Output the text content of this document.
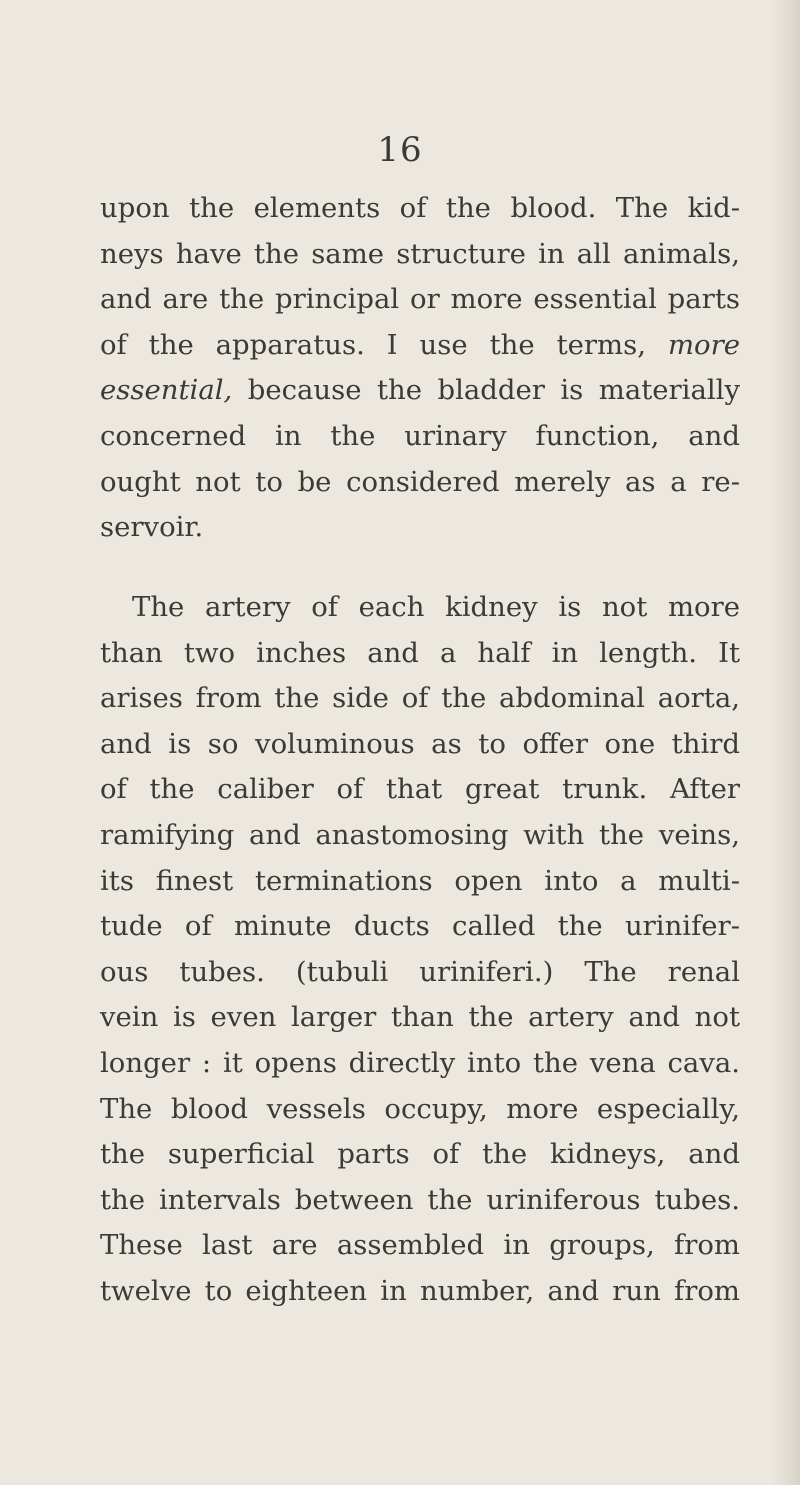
16
upon the elements of the blood. The kid-
neys have the same structure in all animals,
and are the principal or more essential parts
of the apparatus. I use the terms, more
essential, because the bladder is materially
concerned in the urinary function, and
ought not to be considered merely as a re-
servoir.
The artery of each kidney is not more
than two inches and a half in length. It
arises from the side of the abdominal aorta,
and is so voluminous as to offer one third
of the caliber of that great trunk. After
ramifying and anastomosing with the veins,
its finest terminations open into a multi-
tude of minute ducts called the urinifer-
ous tubes. (tubuli uriniferi.) The renal
vein is even larger than the artery and not
longer : it opens directly into the vena cava.
The blood vessels occupy, more especially,
the superficial parts of the kidneys, and
the intervals between the uriniferous tubes.
These last are assembled in groups, from
twelve to eighteen in number, and run from
